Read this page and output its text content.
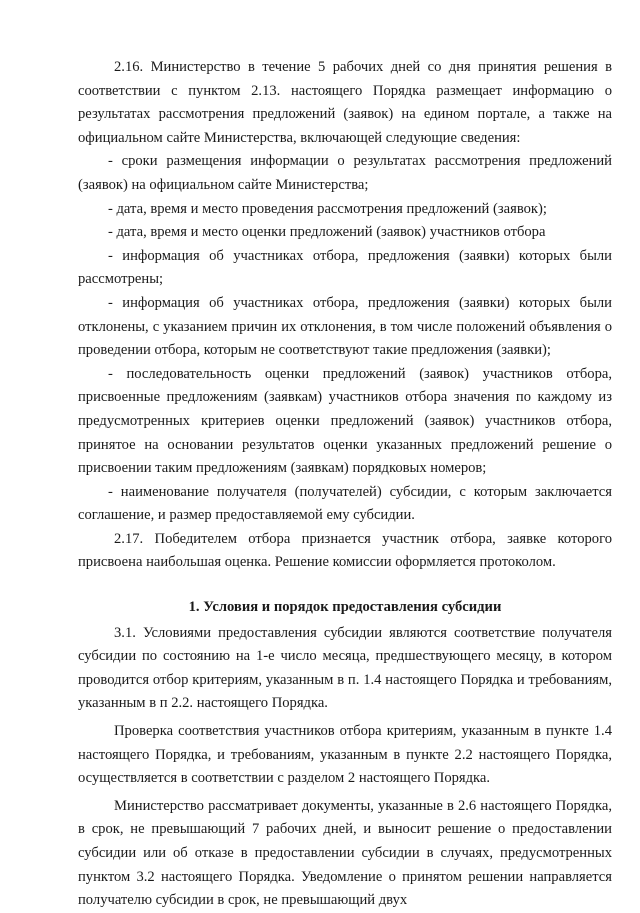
2.16. Министерство в течение 5 рабочих дней со дня принятия решения в соответствии с пунктом 2.13. настоящего Порядка размещает информацию о результатах рассмотрения предложений (заявок) на едином портале, а также на официальном сайте Министерства, включающей следующие сведения:

- сроки размещения информации о результатах рассмотрения предложений (заявок) на официальном сайте Министерства;

- дата, время и место проведения рассмотрения предложений (заявок);

- дата, время и место оценки предложений (заявок) участников отбора

- информация об участниках отбора, предложения (заявки) которых были рассмотрены;

- информация об участниках отбора, предложения (заявки) которых были отклонены, с указанием причин их отклонения, в том числе положений объявления о проведении отбора, которым не соответствуют такие предложения (заявки);

- последовательность оценки предложений (заявок) участников отбора, присвоенные предложениям (заявкам) участников отбора значения по каждому из предусмотренных критериев оценки предложений (заявок) участников отбора, принятое на основании результатов оценки указанных предложений решение о присвоении таким предложениям (заявкам) порядковых номеров;

- наименование получателя (получателей) субсидии, с которым заключается соглашение, и размер предоставляемой ему субсидии.

2.17. Победителем отбора признается участник отбора, заявке которого присвоена наибольшая оценка. Решение комиссии оформляется протоколом.

1. Условия и порядок предоставления субсидии

3.1. Условиями предоставления субсидии являются соответствие получателя субсидии по состоянию на 1-е число месяца, предшествующего месяцу, в котором проводится отбор критериям, указанным в п. 1.4 настоящего Порядка и требованиям, указанным в п 2.2. настоящего Порядка.

Проверка соответствия участников отбора критериям, указанным в пункте 1.4 настоящего Порядка, и требованиям, указанным в пункте 2.2 настоящего Порядка, осуществляется в соответствии с разделом 2 настоящего Порядка.

Министерство рассматривает документы, указанные в 2.6 настоящего Порядка, в срок, не превышающий 7 рабочих дней, и выносит решение о предоставлении субсидии или об отказе в предоставлении субсидии в случаях, предусмотренных пунктом 3.2 настоящего Порядка. Уведомление о принятом решении направляется получателю субсидии в срок, не превышающий двух
